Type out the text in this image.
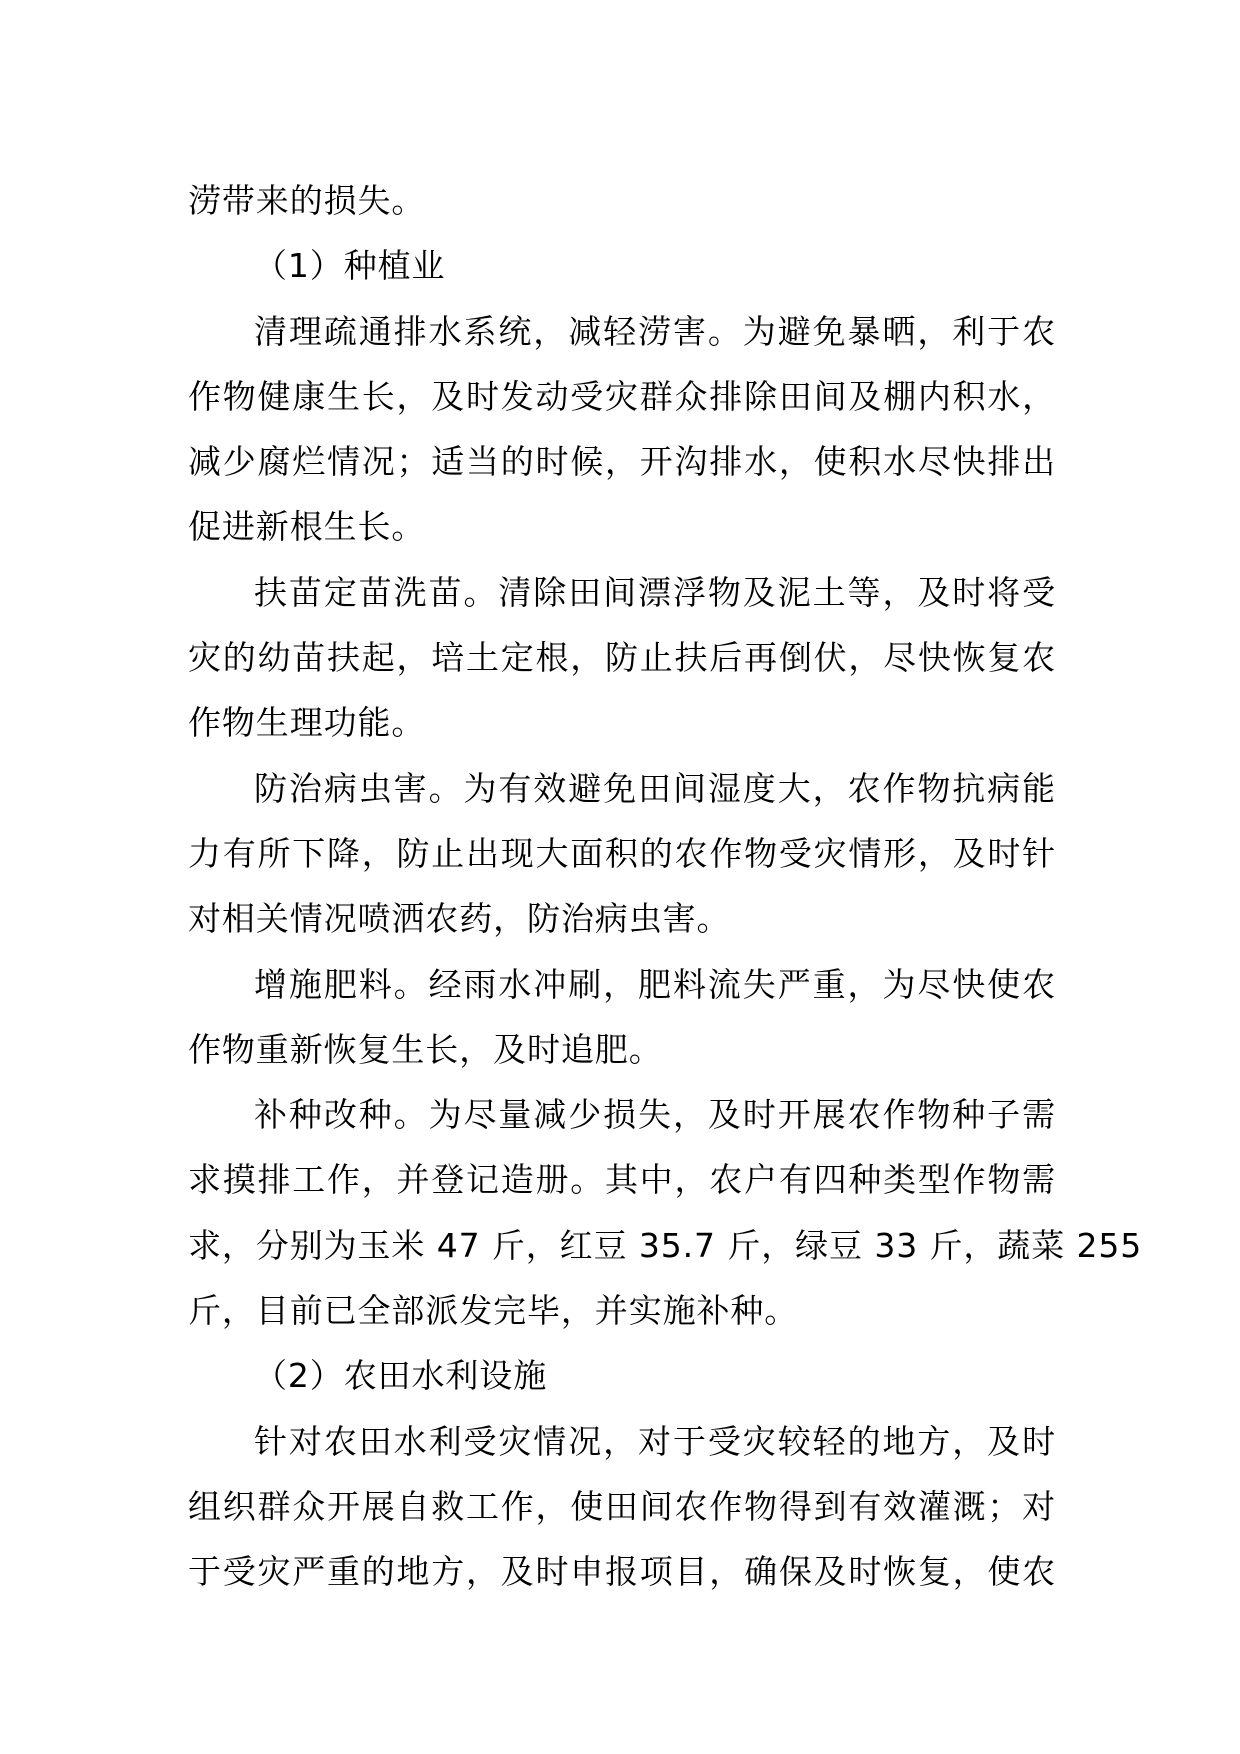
涝带来的损失。
（1）种植业
清理疏通排水系统，减轻涝害。为避免暴晒，利于农
作物健康生长，及时发动受灾群众排除田间及棚内积水，
减少腐烂情况；适当的时候，开沟排水，使积水尽快排出
促进新根生长。
扶苗定苗洗苗。清除田间漂浮物及泥土等，及时将受
灾的幼苗扶起，培土定根，防止扶后再倒伏，尽快恢复农
作物生理功能。
防治病虫害。为有效避免田间湿度大，农作物抗病能
力有所下降，防止出现大面积的农作物受灾情形，及时针
对相关情况喷洒农药，防治病虫害。
增施肥料。经雨水冲刷，肥料流失严重，为尽快使农
作物重新恢复生长，及时追肥。
补种改种。为尽量减少损失，及时开展农作物种子需
求摸排工作，并登记造册。其中，农户有四种类型作物需
求，分别为玉米 47 斤，红豆 35.7 斤，绿豆 33 斤，蔬菜 255
斤，目前已全部派发完毕，并实施补种。
（2）农田水利设施
针对农田水利受灾情况，对于受灾较轻的地方，及时
组织群众开展自救工作，使田间农作物得到有效灌溉；对
于受灾严重的地方，及时申报项目，确保及时恢复，使农
